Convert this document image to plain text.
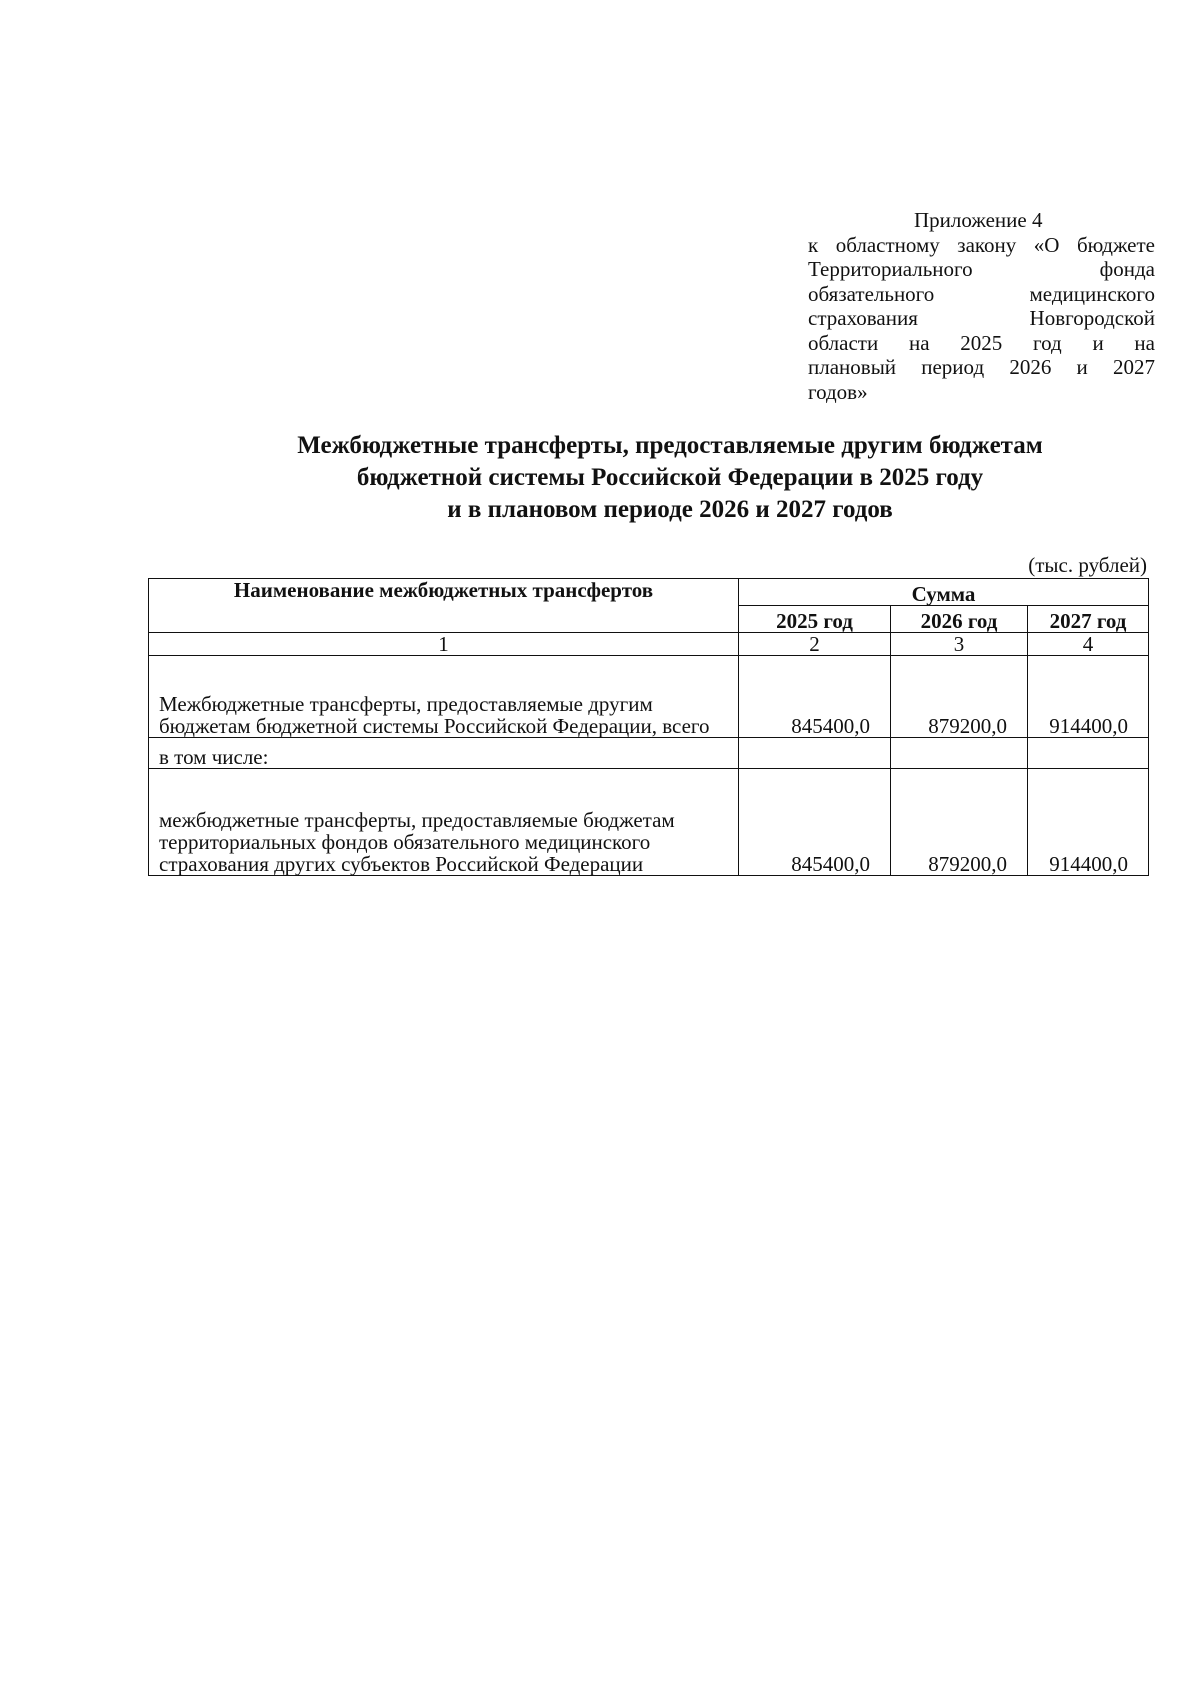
Приложение 4
к областному закону «О бюджете
Территориального фонда
обязательного медицинского
страхования Новгородской
области на 2025 год и на
плановый период 2026 и 2027
годов»
Межбюджетные трансферты, предоставляемые другим бюджетам
бюджетной системы Российской Федерации в 2025 году
и в плановом периоде 2026 и 2027 годов
(тыс. рублей)
Наименование межбюджетных трансфертов	Сумма		
	2025 год	2026 год	2027 год
1	2	3	4
Межбюджетные трансферты, предоставляемые другим бюджетам бюджетной системы Российской Федерации, всего	845400,0	879200,0	914400,0
в том числе:			
межбюджетные трансферты, предоставляемые бюджетам территориальных фондов обязательного медицинского страхования других субъектов Российской Федерации	845400,0	879200,0	914400,0
